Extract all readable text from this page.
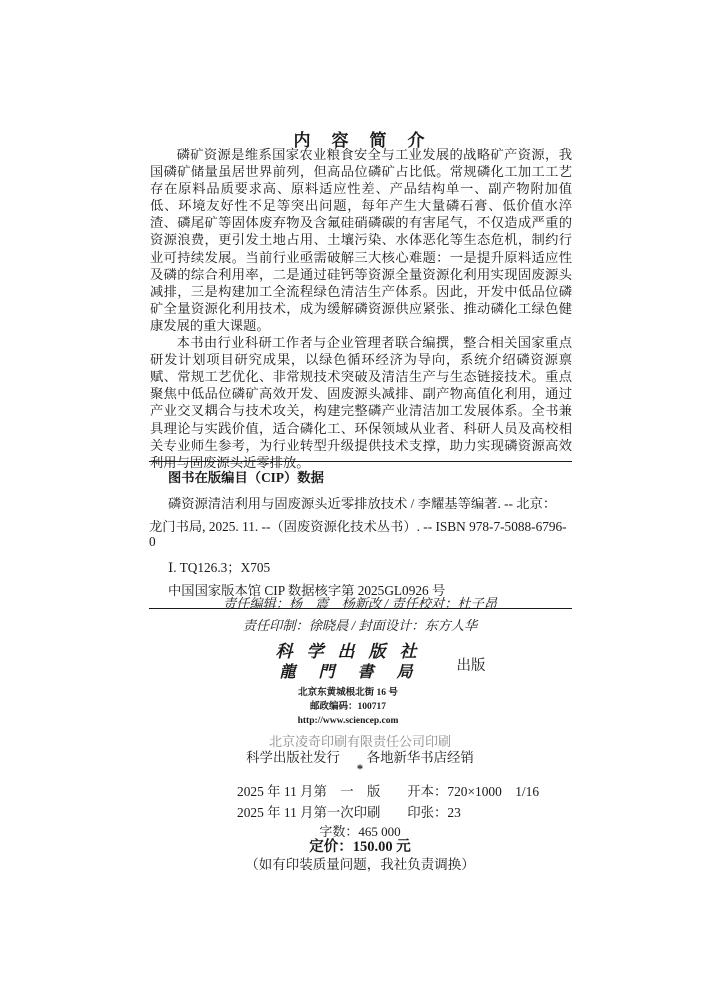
内　容　简　介

磷矿资源是维系国家农业粮食安全与工业发展的战略矿产资源，我国磷矿储量虽居世界前列，但高品位磷矿占比低。常规磷化工加工工艺存在原料品质要求高、原料适应性差、产品结构单一、副产物附加值低、环境友好性不足等突出问题，每年产生大量磷石膏、低价值水淬渣、磷尾矿等固体废弃物及含氟硅硝磷碳的有害尾气，不仅造成严重的资源浪费，更引发土地占用、土壤污染、水体恶化等生态危机，制约行业可持续发展。当前行业亟需破解三大核心难题：一是提升原料适应性及磷的综合利用率，二是通过硅钙等资源全量资源化利用实现固废源头减排，三是构建加工全流程绿色清洁生产体系。因此，开发中低品位磷矿全量资源化利用技术，成为缓解磷资源供应紧张、推动磷化工绿色健康发展的重大课题。

本书由行业科研工作者与企业管理者联合编撰，整合相关国家重点研发计划项目研究成果，以绿色循环经济为导向，系统介绍磷资源禀赋、常规工艺优化、非常规技术突破及清洁生产与生态链接技术。重点聚焦中低品位磷矿高效开发、固废源头减排、副产物高值化利用，通过产业交叉耦合与技术攻关，构建完整磷产业清洁加工发展体系。全书兼具理论与实践价值，适合磷化工、环保领域从业者、科研人员及高校相关专业师生参考，为行业转型升级提供技术支撑，助力实现磷资源高效利用与固废源头近零排放。

图书在版编目（CIP）数据

磷资源清洁利用与固废源头近零排放技术 / 李耀基等编著. -- 北京：

龙门书局, 2025. 11. --（固废资源化技术丛书）. -- ISBN 978-7-5088-6796-0

Ⅰ. TQ126.3；X705

中国国家版本馆 CIP 数据核字第 2025GL0926 号

责任编辑：杨　震　杨新改 / 责任校对：杜子昂

责任印制：徐晓晨 / 封面设计：东方人华

科学出版社

龍門書局 出版

北京东黄城根北街 16 号

邮政编码：100717

http://www.sciencep.com

北京凌奇印刷有限责任公司印刷

科学出版社发行　　各地新华书店经销

*

2025 年 11 月第　一　版　　开本：720×1000　1/16

2025 年 11 月第一次印刷　　印张：23

字数：465 000

定价：150.00 元

（如有印装质量问题，我社负责调换）
